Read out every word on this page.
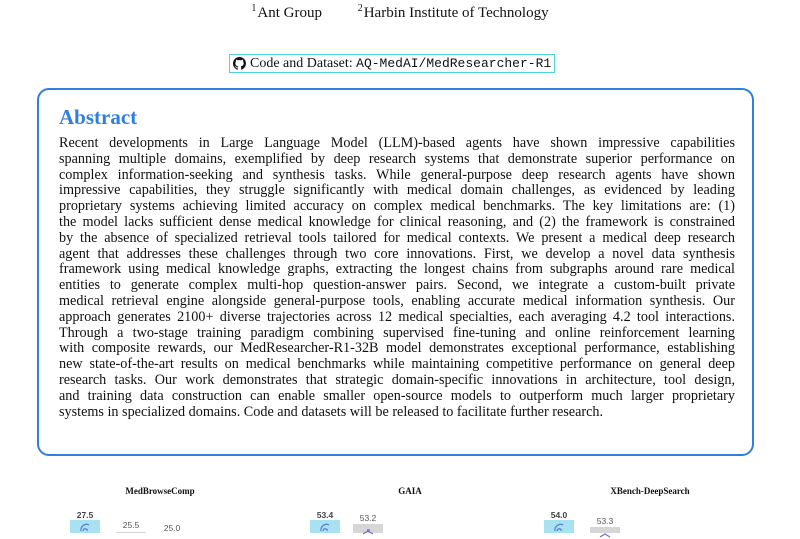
$^1$Ant Group	$^2$Harbin Institute of Technology
Code and Dataset:
AQ-MedAI/MedResearcher-R1
Abstract
Recent developments in Large Language Model (LLM)-based agents have shown impressive capabilities
spanning multiple domains, exemplified by deep research systems that demonstrate superior performance on
complex information-seeking and synthesis tasks. While general-purpose deep research agents have shown
impressive capabilities, they struggle significantly with medical domain challenges, as evidenced by leading
proprietary systems achieving limited accuracy on complex medical benchmarks. The key limitations are: (1)
the model lacks sufficient dense medical knowledge for clinical reasoning, and (2) the framework is constrained
by the absence of specialized retrieval tools tailored for medical contexts. We present a medical deep research
agent that addresses these challenges through two core innovations. First, we develop a novel data synthesis
framework using medical knowledge graphs, extracting the longest chains from subgraphs around rare medical
entities to generate complex multi-hop question-answer pairs. Second, we integrate a custom-built private
medical retrieval engine alongside general-purpose tools, enabling accurate medical information synthesis. Our
approach generates 2100+ diverse trajectories across 12 medical specialties, each averaging 4.2 tool interactions.
Through a two-stage training paradigm combining supervised fine-tuning and online reinforcement learning
with composite rewards, our MedResearcher-R1-32B model demonstrates exceptional performance, establishing
new state-of-the-art results on medical benchmarks while maintaining competitive performance on general deep
research tasks. Our work demonstrates that strategic domain-specific innovations in architecture, tool design,
and training data construction can enable smaller open-source models to outperform much larger proprietary
systems in specialized domains. Code and datasets will be released to facilitate further research.
MedBrowseComp
27.5
25.5	25.0
GAIA
53.4	53.2
XBench-DeepSearch
54.0
53.3
